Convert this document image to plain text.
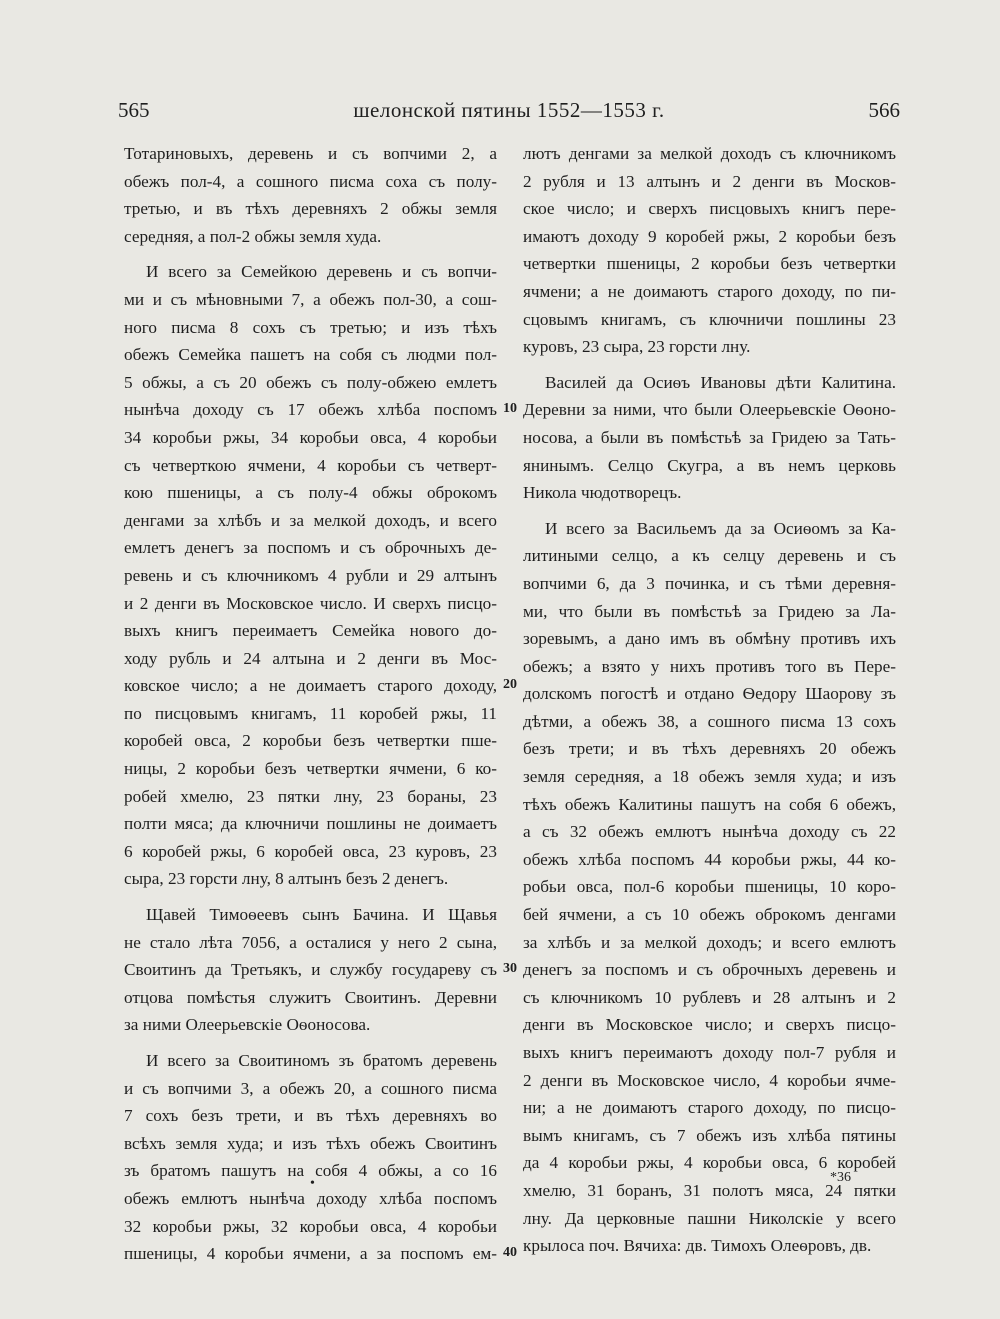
565	шелонской пятины 1552—1553 г.	566
Тотариновыхъ, деревень и съ вопчими 2, а
обежъ пол-4, а сошного писма соха съ полу-
третью, и въ тѣхъ деревняхъ 2 обжы земля
середняя, а пол-2 обжы земля худа.
И всего за Семейкою деревень и съ вопчи-
ми и съ мѣновными 7, а обежъ пол-30, а сош-
ного писма 8 сохъ съ третью; и изъ тѣхъ
обежъ Семейка пашетъ на собя съ людми пол-
5 обжы, а съ 20 обежъ съ полу-обжею емлетъ
нынѣча доходу съ 17 обежъ хлѣба поспомъ
34 коробьи ржы, 34 коробьи овса, 4 коробьи
съ четверткою ячмени, 4 коробьи съ четверт-
кою пшеницы, а съ полу-4 обжы оброкомъ
денгами за хлѣбъ и за мелкой доходъ, и всего
емлетъ денегъ за поспомъ и съ оброчныхъ де-
ревень и съ ключникомъ 4 рубли и 29 алтынъ
и 2 денги въ Московское число. И сверхъ писцо-
выхъ книгъ переимаетъ Семейка нового до-
ходу рубль и 24 алтына и 2 денги въ Мос-
ковское число; а не доимаетъ старого доходу,
по писцовымъ книгамъ, 11 коробей ржы, 11
коробей овса, 2 коробьи безъ четвертки пше-
ницы, 2 коробьи безъ четвертки ячмени, 6 ко-
робей хмелю, 23 пятки лну, 23 бораны, 23
полти мяса; да ключничи пошлины не доимаетъ
6 коробей ржы, 6 коробей овса, 23 куровъ, 23
сыра, 23 горсти лну, 8 алтынъ безъ 2 денегъ.
Щавей Тимоѳеевъ сынъ Бачина. И Щавья
не стало лѣта 7056, а осталися у него 2 сына,
Своитинъ да Третьякъ, и службу государеву съ
отцова помѣстья служитъ Своитинъ. Деревни
за ними Олеерьевскіе Оѳоносова.
И всего за Своитиномъ зъ братомъ деревень
и съ вопчими 3, а обежъ 20, а сошного писма
7 сохъ безъ трети, и въ тѣхъ деревняхъ во
всѣхъ земля худа; и изъ тѣхъ обежъ Своитинъ
зъ братомъ пашутъ на собя 4 обжы, а со 16
обежъ емлютъ нынѣча доходу хлѣба поспомъ
32 коробьи ржы, 32 коробьи овса, 4 коробьи
пшеницы, 4 коробьи ячмени, а за поспомъ ем-
лютъ денгами за мелкой доходъ съ ключникомъ
2 рубля и 13 алтынъ и 2 денги въ Москов-
ское число; и сверхъ писцовыхъ книгъ пере-
имаютъ доходу 9 коробей ржы, 2 коробьи безъ
четвертки пшеницы, 2 коробьи безъ четвертки
ячмени; а не доимаютъ старого доходу, по пи-
сцовымъ книгамъ, съ ключничи пошлины 23
куровъ, 23 сыра, 23 горсти лну.
Василей да Осиѳъ Ивановы дѣти Калитина.
Деревни за ними, что были Олеерьевскіе Оѳоно-
носова, а были въ помѣстьѣ за Гридею за Тать-
янинымъ. Селцо Скугра, а въ немъ церковь
Никола чюдотворецъ.
И всего за Васильемъ да за Осиѳомъ за Ка-
литиными селцо, а къ селцу деревень и съ
вопчими 6, да 3 починка, и съ тѣми деревня-
ми, что были въ помѣстьѣ за Гридею за Ла-
зоревымъ, а дано имъ въ обмѣну противъ ихъ
обежъ; а взято у нихъ противъ того въ Пере-
долскомъ погостѣ и отдано Ѳедору Шаорову зъ
дѣтми, а обежъ 38, а сошного писма 13 сохъ
безъ трети; и въ тѣхъ деревняхъ 20 обежъ
земля середняя, а 18 обежъ земля худа; и изъ
тѣхъ обежъ Калитины пашутъ на собя 6 обежъ,
а съ 32 обежъ емлютъ нынѣча доходу съ 22
обежъ хлѣба поспомъ 44 коробьи ржы, 44 ко-
робьи овса, пол-6 коробьи пшеницы, 10 коро-
бей ячмени, а съ 10 обежъ оброкомъ денгами
за хлѣбъ и за мелкой доходъ; и всего емлютъ
денегъ за поспомъ и съ оброчныхъ деревень и
съ ключникомъ 10 рублевъ и 28 алтынъ и 2
денги въ Московское число; и сверхъ писцо-
выхъ книгъ переимаютъ доходу пол-7 рубля и
2 денги въ Московское число, 4 коробьи ячме-
ни; а не доимаютъ старого доходу, по писцо-
вымъ книгамъ, съ 7 обежъ изъ хлѣба пятины
да 4 коробьи ржы, 4 коробьи овса, 6 коробей
хмелю, 31 боранъ, 31 полотъ мяса, 24 пятки
лну. Да церковные пашни Николскіе у всего
крылоса поч. Вячиха: дв. Тимохъ Олеѳровъ, дв.
10
20
30
40
•	*36
